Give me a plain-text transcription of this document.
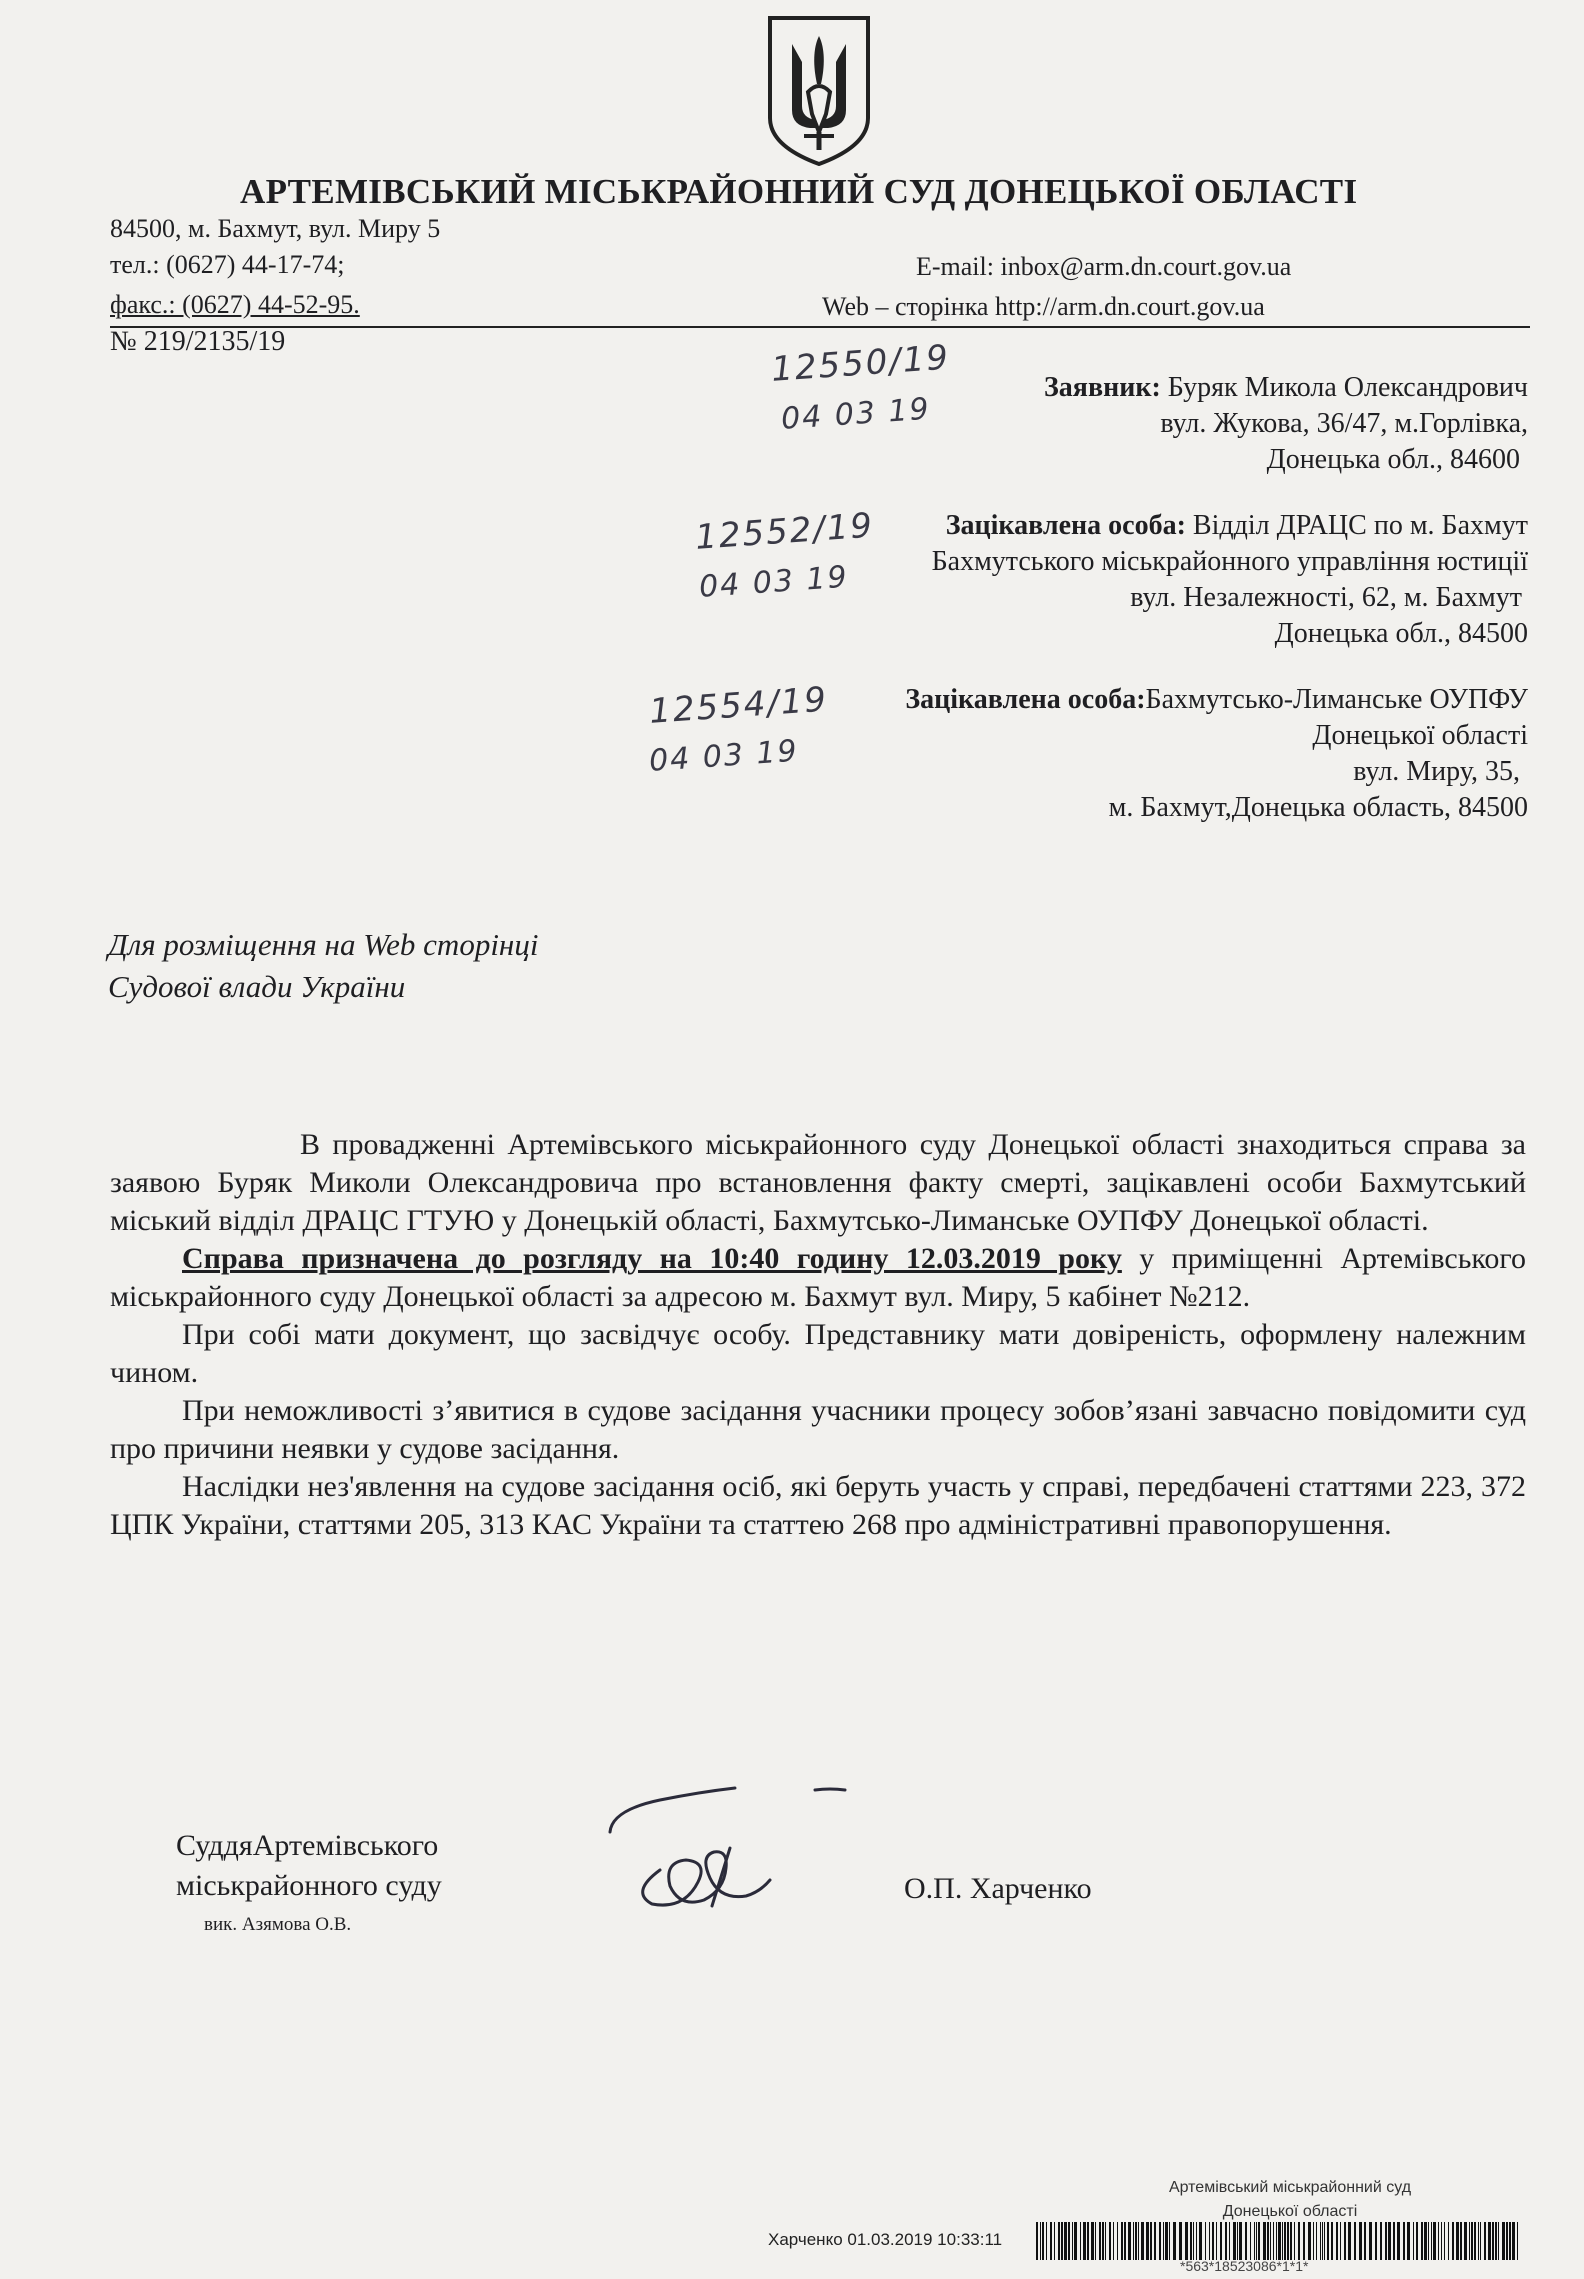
АРТЕМІВСЬКИЙ МІСЬКРАЙОННИЙ СУД ДОНЕЦЬКОЇ ОБЛАСТІ
84500, м. Бахмут, вул. Миру 5
тел.: (0627) 44-17-74;
факс.: (0627) 44-52-95.
E-mail: inbox@arm.dn.court.gov.ua
Web – сторінка http://arm.dn.court.gov.ua
№ 219/2135/19
Заявник: Буряк Микола Олександрович
вул. Жукова, 36/47, м.Горлівка,
Донецька обл., 84600
12550/19
04 03 19
Зацікавлена особа: Відділ ДРАЦС по м. Бахмут
Бахмутського міськрайонного управління юстиції
вул. Незалежності, 62, м. Бахмут
Донецька обл., 84500
12552/19
04 03 19
Зацікавлена особа:Бахмутсько-Лиманське ОУПФУ
Донецької області
вул. Миру, 35,
м. Бахмут,Донецька область, 84500
12554/19
04 03 19
Для розміщення на Web сторінці
Судової влади України

В провадженні Артемівського міськрайонного суду Донецької області знаходиться справа за заявою Буряк Миколи Олександровича про встановлення факту смерті, зацікавлені особи Бахмутський міський відділ ДРАЦС ГТУЮ у Донецькій області, Бахмутсько-Лиманське ОУПФУ Донецької області.

Справа призначена до розгляду на 10:40 годину 12.03.2019 року у приміщенні Артемівського міськрайонного суду Донецької області за адресою м. Бахмут вул. Миру, 5 кабінет №212.

При собі мати документ, що засвідчує особу. Представнику мати довіреність, оформлену належним чином.

При неможливості з’явитися в судове засідання учасники процесу зобов’язані завчасно повідомити суд про причини неявки у судове засідання.

Наслідки нез'явлення на судове засідання осіб, які беруть участь у справі, передбачені статтями 223, 372 ЦПК України, статтями 205, 313 КАС України та статтею 268 про адміністративні правопорушення.

СуддяАртемівського
міськрайонного суду
вик. Азямова О.В.
О.П. Харченко
Артемівський міськрайонний суд
Донецької області
Харченко 01.03.2019 10:33:11
*563*18523086*1*1*
